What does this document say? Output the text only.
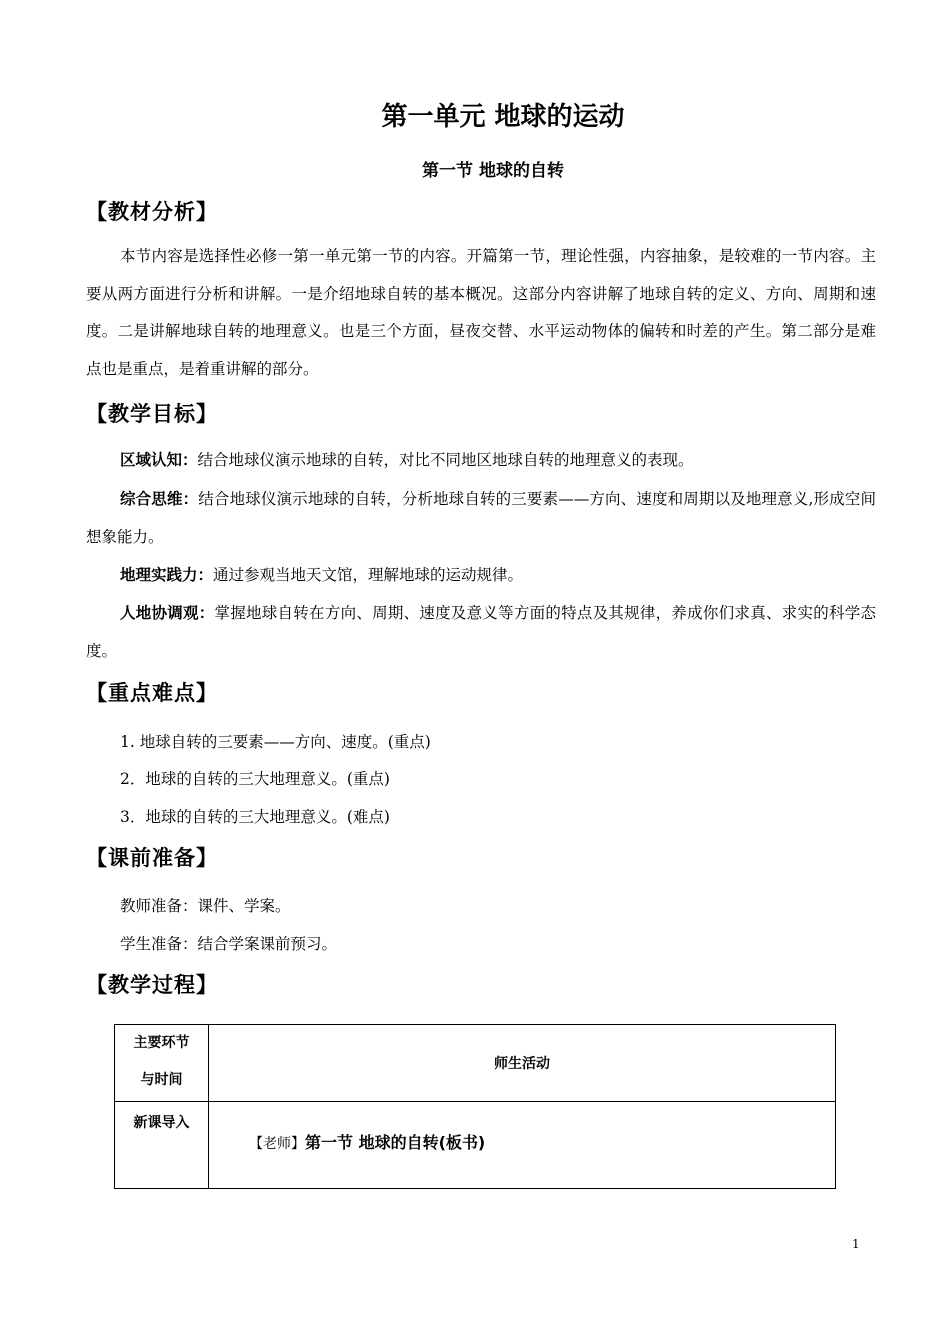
第一单元 地球的运动
第一节 地球的自转
【教材分析】
本节内容是选择性必修一第一单元第一节的内容。开篇第一节，理论性强，内容抽象，是较难的一节内容。主要从两方面进行分析和讲解。一是介绍地球自转的基本概况。这部分内容讲解了地球自转的定义、方向、周期和速度。二是讲解地球自转的地理意义。也是三个方面，昼夜交替、水平运动物体的偏转和时差的产生。第二部分是难点也是重点，是着重讲解的部分。
【教学目标】
区域认知：结合地球仪演示地球的自转，对比不同地区地球自转的地理意义的表现。
综合思维：结合地球仪演示地球的自转，分析地球自转的三要素——方向、速度和周期以及地理意义,形成空间想象能力。
地理实践力：通过参观当地天文馆，理解地球的运动规律。
人地协调观：掌握地球自转在方向、周期、速度及意义等方面的特点及其规律，养成你们求真、求实的科学态度。
【重点难点】
1. 地球自转的三要素——方向、速度。(重点)
2．地球的自转的三大地理意义。(重点)
3．地球的自转的三大地理意义。(难点)
【课前准备】
教师准备：课件、学案。
学生准备：结合学案课前预习。
【教学过程】
主要环节
与时间	师生活动
新课导入	【老师】第一节 地球的自转(板书)
1
